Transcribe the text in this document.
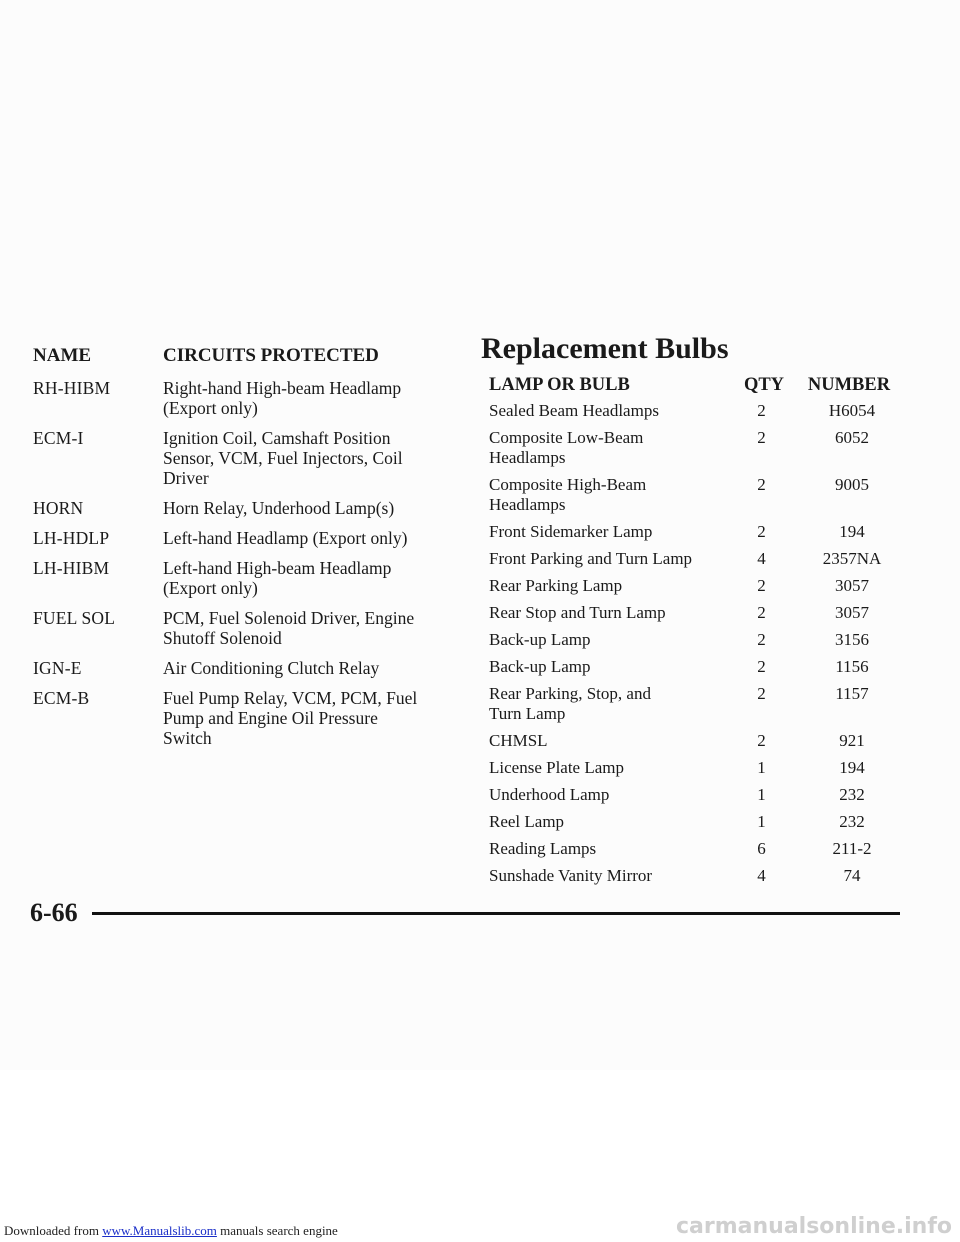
NAME	CIRCUITS PROTECTED
RH-HIBM	Right-hand High-beam Headlamp
(Export only)
ECM-I	Ignition Coil, Camshaft Position
Sensor, VCM, Fuel Injectors, Coil
Driver
HORN	Horn Relay, Underhood Lamp(s)
LH-HDLP	Left-hand Headlamp (Export only)
LH-HIBM	Left-hand High-beam Headlamp
(Export only)
FUEL SOL	PCM, Fuel Solenoid Driver, Engine
Shutoff Solenoid
IGN-E	Air Conditioning Clutch Relay
ECM-B	Fuel Pump Relay, VCM, PCM, Fuel
Pump and Engine Oil Pressure
Switch
Replacement Bulbs
LAMP OR BULB	QTY	NUMBER
Sealed Beam Headlamps	2	H6054
Composite Low-Beam
Headlamps
2	6052
Composite High-Beam
Headlamps
2	9005
Front Sidemarker Lamp	2	194
Front Parking and Turn Lamp	4	2357NA
Rear Parking Lamp	2	3057
Rear Stop and Turn Lamp	2	3057
Back-up Lamp	2	3156
Back-up Lamp	2	1156
Rear Parking, Stop, and
Turn Lamp
2	1157
CHMSL	2	921
License Plate Lamp	1	194
Underhood Lamp	1	232
Reel Lamp	1	232
Reading Lamps	6	211-2
Sunshade Vanity Mirror	4	74
6-66
Downloaded from www.Manualslib.com manuals search engine	carmanualsonline.info
